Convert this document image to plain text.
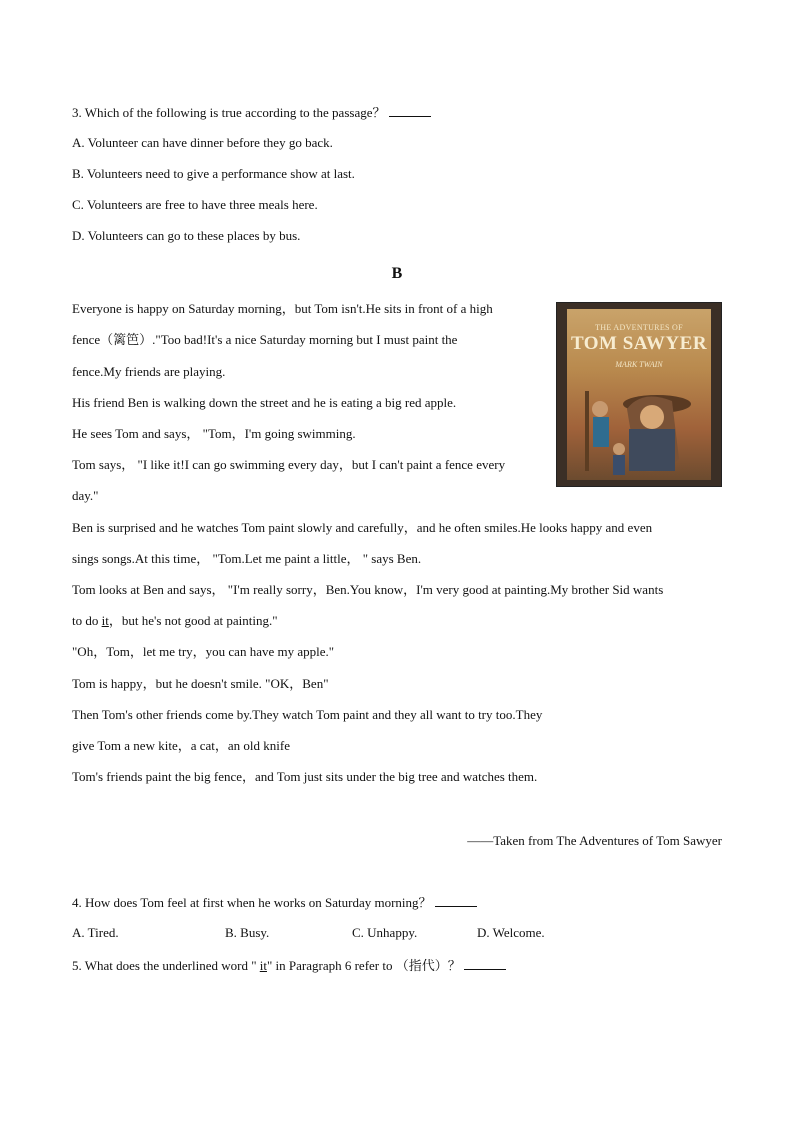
3. Which of the following is true according to the passage？
A. Volunteer can have dinner before they go back.
B. Volunteers need to give a performance show at last.
C. Volunteers are free to have three meals here.
D. Volunteers can go to these places by bus.
B
THE ADVENTURES OF
TOM SAWYER
MARK TWAIN
Everyone is happy on Saturday morning，but Tom isn't.He sits in front of a high
fence（篱笆）."Too bad!It's a nice Saturday morning but I must paint the
fence.My friends are playing.
His friend Ben is walking down the street and he is eating a big red apple.
He sees Tom and says， "Tom，I'm going swimming.
Tom says， "I like it!I can go swimming every day，but I can't paint a fence every
day."
Ben is surprised and he watches Tom paint slowly and carefully，and he often smiles.He looks happy and even
sings songs.At this time， "Tom.Let me paint a little， " says Ben.
Tom looks at Ben and says， "I'm really sorry，Ben.You know，I'm very good at painting.My brother Sid wants
to do it，but he's not good at painting."
"Oh，Tom，let me try，you can have my apple."
Tom is happy，but he doesn't smile. "OK，Ben"
Then Tom's other friends come by.They watch Tom paint and they all want to try too.They
give Tom a new kite，a cat，an old knife
Tom's friends paint the big fence，and Tom just sits under the big tree and watches them.
——Taken from The Adventures of Tom Sawyer
4. How does Tom feel at first when he works on Saturday morning？
A. Tired.	B. Busy.	C. Unhappy.	D. Welcome.
5. What does the underlined word " it" in Paragraph 6 refer to （指代）？
